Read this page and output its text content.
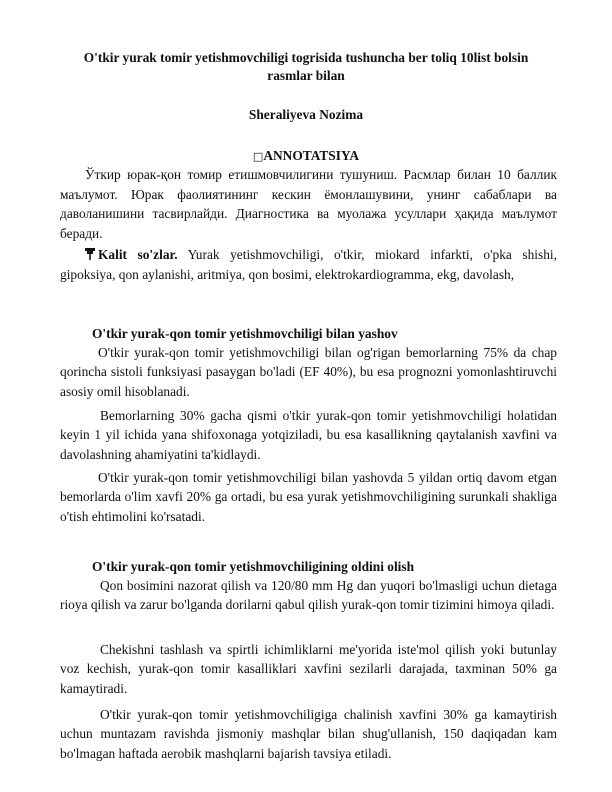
O'tkir yurak tomir yetishmovchiligi togrisida tushuncha ber toliq 10list bolsin rasmlar bilan
Sheraliyeva Nozima
□ANNOTATSIYA

Ўткир юрак-қон томир етишмовчилигини тушуниш. Расмлар билан 10 баллик маълумот. Юрак фаолиятининг кескин ёмонлашувини, унинг сабаблари ва даволанишини тасвирлайди. Диагностика ва муолажа усуллари ҳақида маълумот беради.

Kalit so'zlar. Yurak yetishmovchiligi, o'tkir, miokard infarkti, o'pka shishi, gipoksiya, qon aylanishi, aritmiya, qon bosimi, elektrokardiogramma, ekg, davolash,

O'tkir yurak-qon tomir yetishmovchiligi bilan yashov

O'tkir yurak-qon tomir yetishmovchiligi bilan og'rigan bemorlarning 75% da chap qorincha sistoli funksiyasi pasaygan bo'ladi (EF 40%), bu esa prognozni yomonlashtiruvchi asosiy omil hisoblanadi.

Bemorlarning 30% gacha qismi o'tkir yurak-qon tomir yetishmovchiligi holatidan keyin 1 yil ichida yana shifoxonaga yotqiziladi, bu esa kasallikning qaytalanish xavfini va davolashning ahamiyatini ta'kidlaydi.

O'tkir yurak-qon tomir yetishmovchiligi bilan yashovda 5 yildan ortiq davom etgan bemorlarda o'lim xavfi 20% ga ortadi, bu esa yurak yetishmovchiligining surunkali shakliga o'tish ehtimolini ko'rsatadi.

O'tkir yurak-qon tomir yetishmovchiligining oldini olish

Qon bosimini nazorat qilish va 120/80 mm Hg dan yuqori bo'lmasligi uchun dietaga rioya qilish va zarur bo'lganda dorilarni qabul qilish yurak-qon tomir tizimini himoya qiladi.

Chekishni tashlash va spirtli ichimliklarni me'yorida iste'mol qilish yoki butunlay voz kechish, yurak-qon tomir kasalliklari xavfini sezilarli darajada, taxminan 50% ga kamaytiradi.

O'tkir yurak-qon tomir yetishmovchiligiga chalinish xavfini 30% ga kamaytirish uchun muntazam ravishda jismoniy mashqlar bilan shug'ullanish, 150 daqiqadan kam bo'lmagan haftada aerobik mashqlarni bajarish tavsiya etiladi.
